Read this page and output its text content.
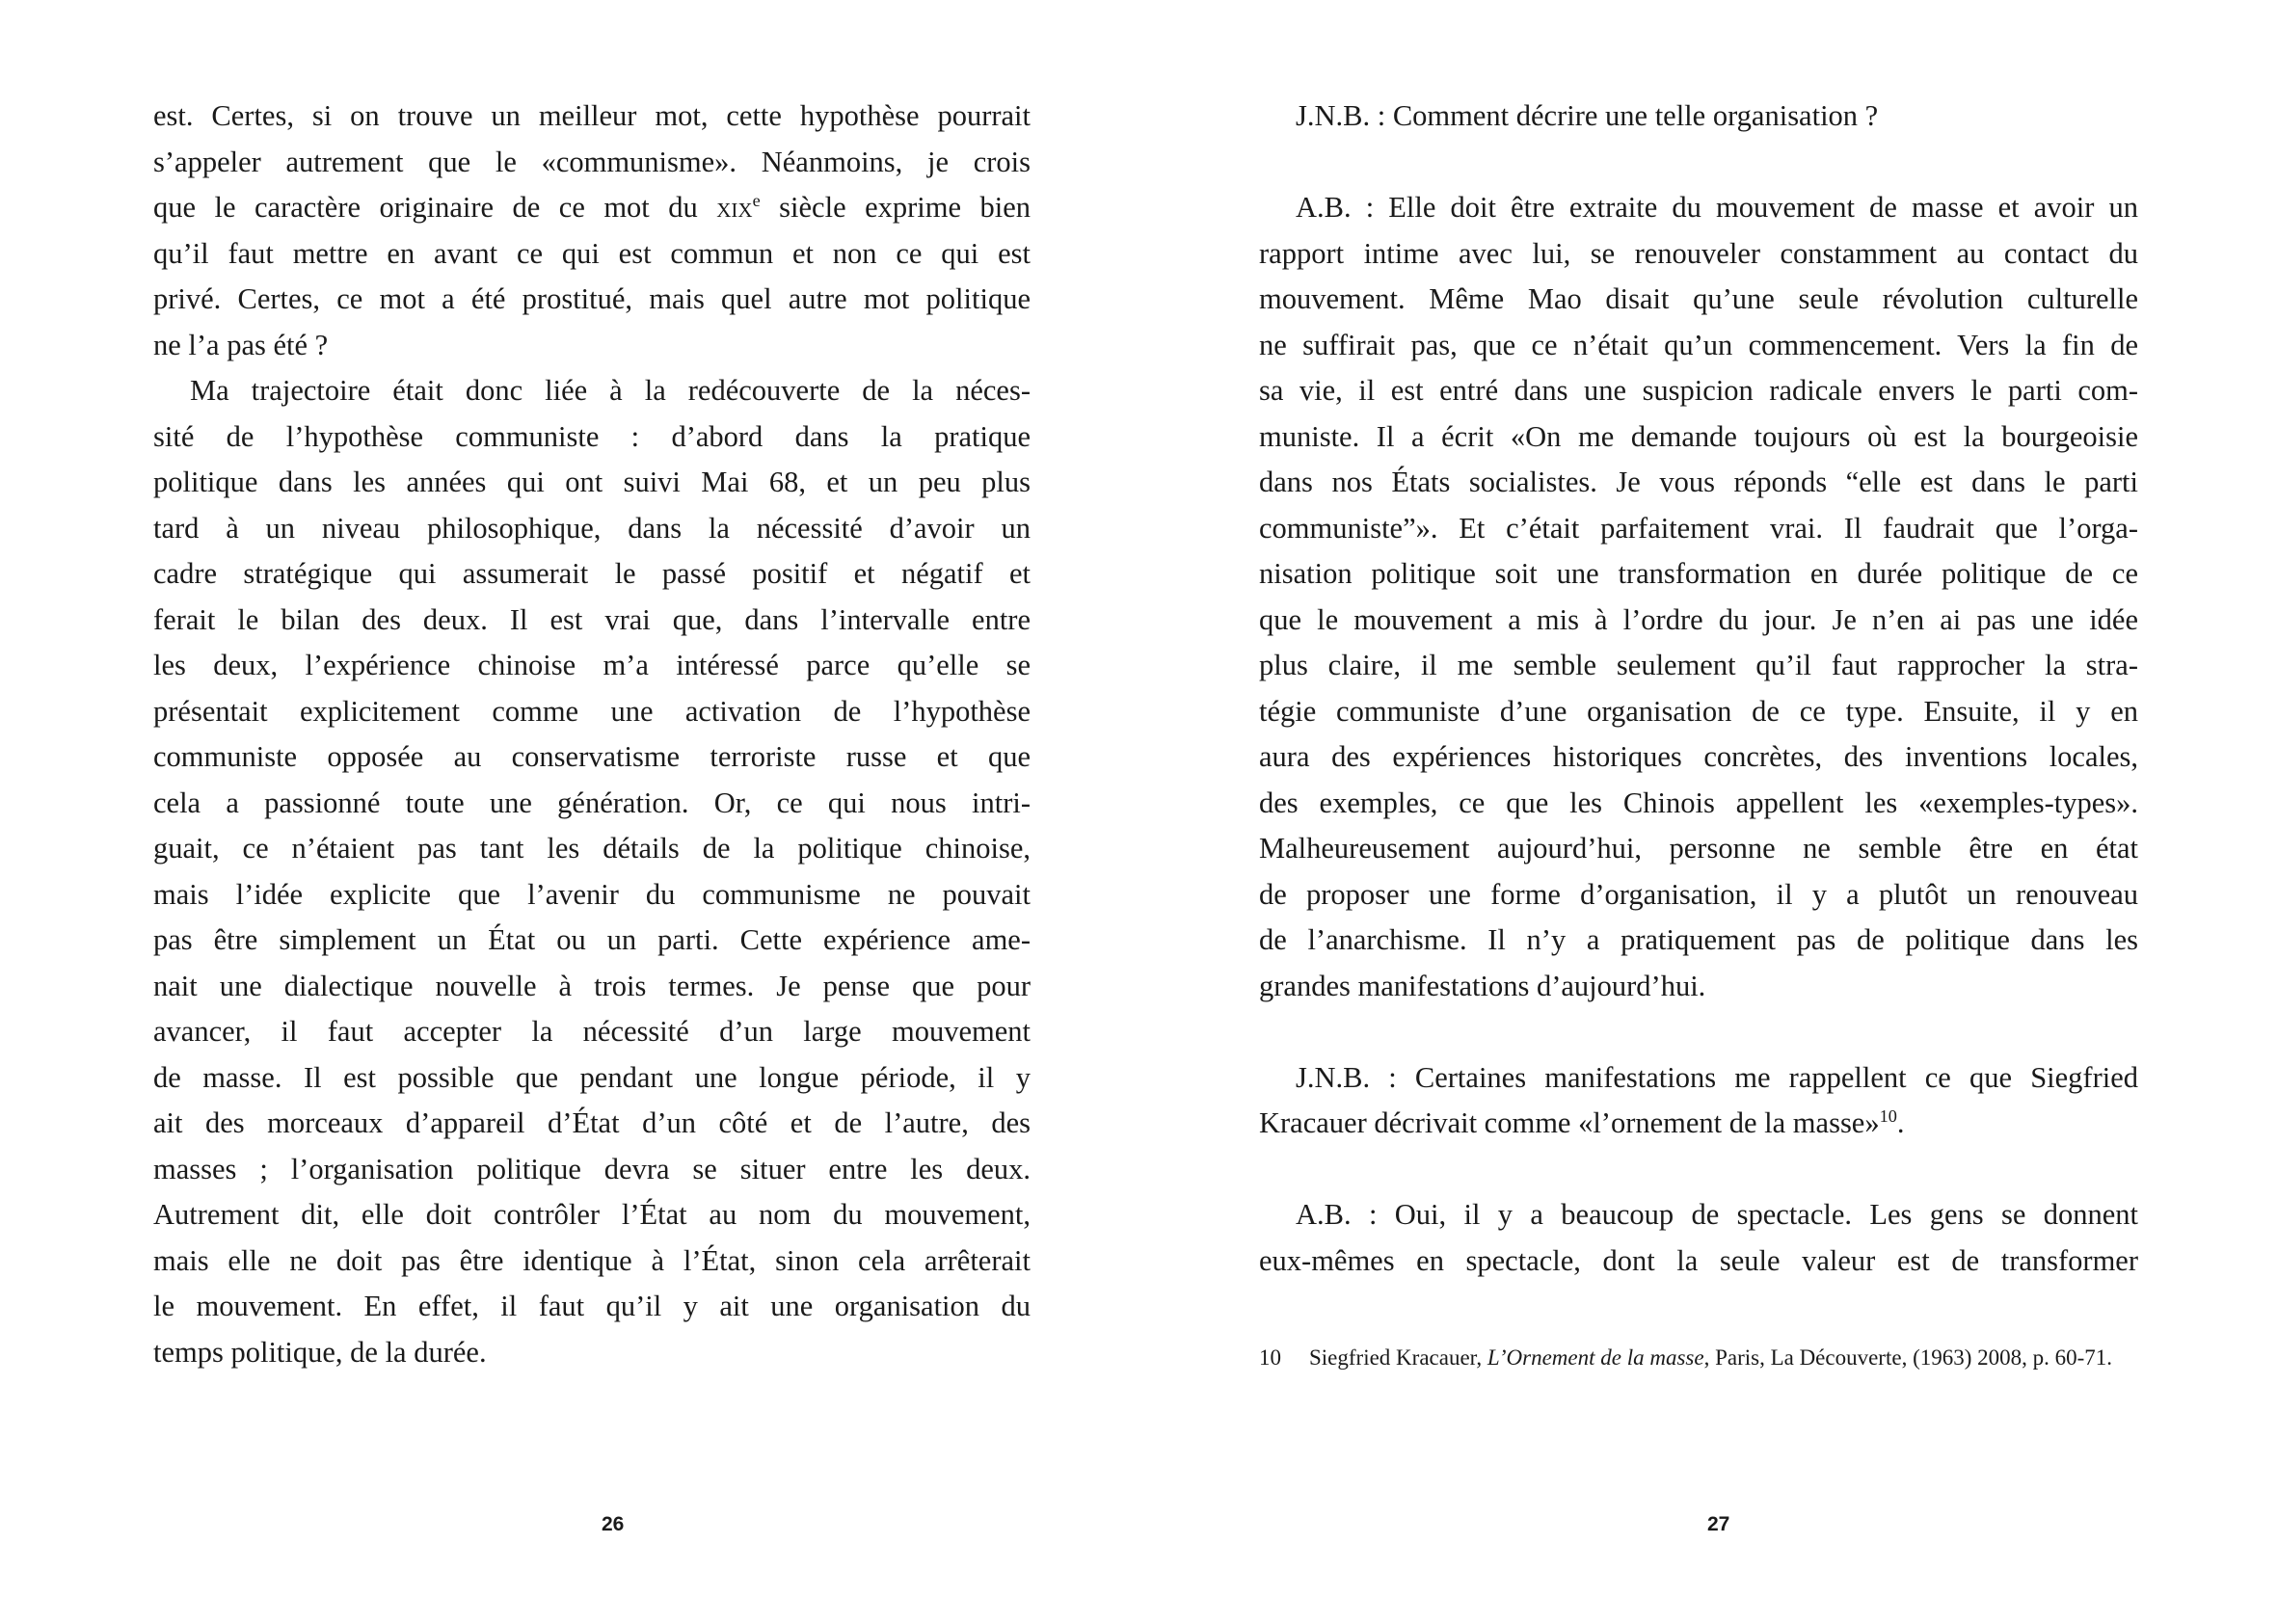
est. Certes, si on trouve un meilleur mot, cette hypothèse pourrait
s’appeler autrement que le «communisme». Néanmoins, je crois
que le caractère originaire de ce mot du xix$^e$ siècle exprime bien
qu’il faut mettre en avant ce qui est commun et non ce qui est
privé. Certes, ce mot a été prostitué, mais quel autre mot politique
ne l’a pas été ?
Ma trajectoire était donc liée à la redécouverte de la néces-
sité de l’hypothèse communiste : d’abord dans la pratique
politique dans les années qui ont suivi Mai 68, et un peu plus
tard à un niveau philosophique, dans la nécessité d’avoir un
cadre stratégique qui assumerait le passé positif et négatif et
ferait le bilan des deux. Il est vrai que, dans l’intervalle entre
les deux, l’expérience chinoise m’a intéressé parce qu’elle se
présentait explicitement comme une activation de l’hypothèse
communiste opposée au conservatisme terroriste russe et que
cela a passionné toute une génération. Or, ce qui nous intri-
guait, ce n’étaient pas tant les détails de la politique chinoise,
mais l’idée explicite que l’avenir du communisme ne pouvait
pas être simplement un État ou un parti. Cette expérience ame-
nait une dialectique nouvelle à trois termes. Je pense que pour
avancer, il faut accepter la nécessité d’un large mouvement
de masse. Il est possible que pendant une longue période, il y
ait des morceaux d’appareil d’État d’un côté et de l’autre, des
masses ; l’organisation politique devra se situer entre les deux.
Autrement dit, elle doit contrôler l’État au nom du mouvement,
mais elle ne doit pas être identique à l’État, sinon cela arrêterait
le mouvement. En effet, il faut qu’il y ait une organisation du
temps politique, de la durée.
J.N.B. : Comment décrire une telle organisation ?
A.B. : Elle doit être extraite du mouvement de masse et avoir un
rapport intime avec lui, se renouveler constamment au contact du
mouvement. Même Mao disait qu’une seule révolution culturelle
ne suffirait pas, que ce n’était qu’un commencement. Vers la fin de
sa vie, il est entré dans une suspicion radicale envers le parti com-
muniste. Il a écrit «On me demande toujours où est la bourgeoisie
dans nos États socialistes. Je vous réponds “elle est dans le parti
communiste”». Et c’était parfaitement vrai. Il faudrait que l’orga-
nisation politique soit une transformation en durée politique de ce
que le mouvement a mis à l’ordre du jour. Je n’en ai pas une idée
plus claire, il me semble seulement qu’il faut rapprocher la stra-
tégie communiste d’une organisation de ce type. Ensuite, il y en
aura des expériences historiques concrètes, des inventions locales,
des exemples, ce que les Chinois appellent les «exemples-types».
Malheureusement aujourd’hui, personne ne semble être en état
de proposer une forme d’organisation, il y a plutôt un renouveau
de l’anarchisme. Il n’y a pratiquement pas de politique dans les
grandes manifestations d’aujourd’hui.
J.N.B. : Certaines manifestations me rappellent ce que Siegfried
Kracauer décrivait comme «l’ornement de la masse»$^{10}$.
A.B. : Oui, il y a beaucoup de spectacle. Les gens se donnent
eux-mêmes en spectacle, dont la seule valeur est de transformer
10 Siegfried Kracauer, L’Ornement de la masse, Paris, La Découverte, (1963) 2008, p. 60-71.
26	27
